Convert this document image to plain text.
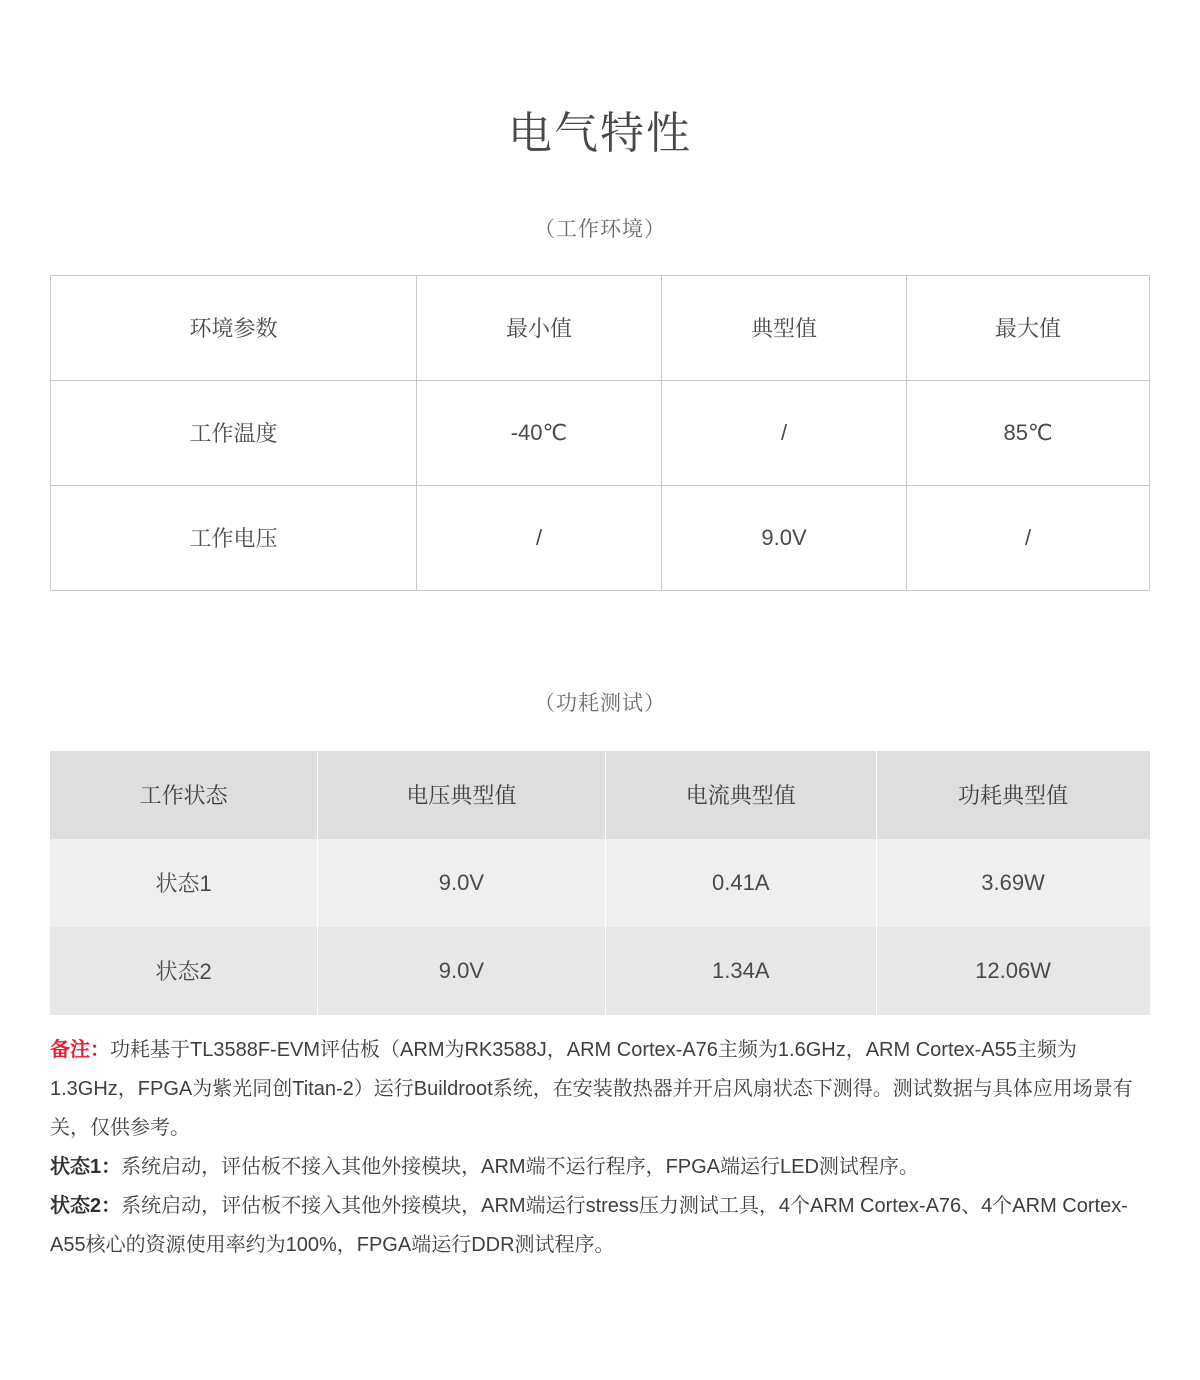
电气特性
（工作环境）
环境参数	最小值	典型值	最大值
工作温度	-40℃	/	85℃
工作电压	/	9.0V	/
（功耗测试）
工作状态	电压典型值	电流典型值	功耗典型值
状态1	9.0V	0.41A	3.69W
状态2	9.0V	1.34A	12.06W

备注：功耗基于TL3588F-EVM评估板（ARM为RK3588J，ARM Cortex-A76主频为1.6GHz，ARM Cortex-A55主频为1.3GHz，FPGA为紫光同创Titan-2）运行Buildroot系统，在安装散热器并开启风扇状态下测得。测试数据与具体应用场景有关，仅供参考。

状态1：系统启动，评估板不接入其他外接模块，ARM端不运行程序，FPGA端运行LED测试程序。

状态2：系统启动，评估板不接入其他外接模块，ARM端运行stress压力测试工具，4个ARM Cortex-A76、4个ARM Cortex-A55核心的资源使用率约为100%，FPGA端运行DDR测试程序。
